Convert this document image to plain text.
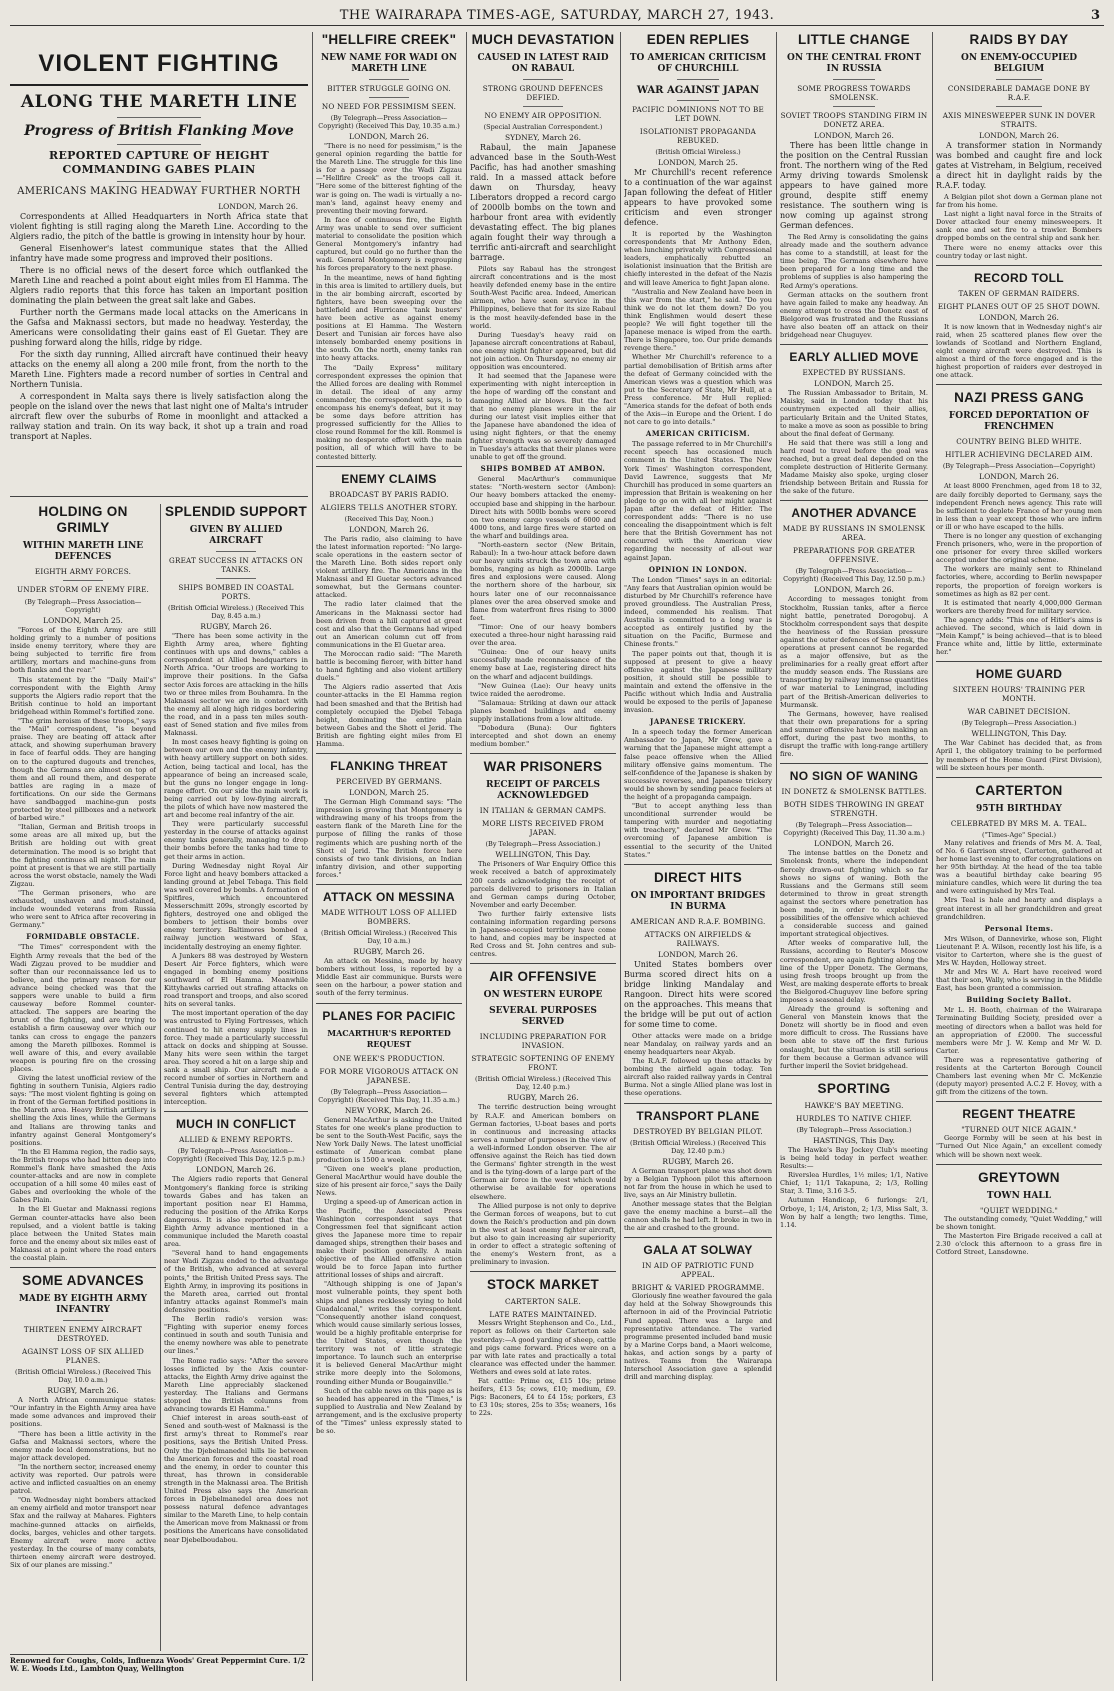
THE WAIRARAPA TIMES-AGE, SATURDAY, MARCH 27, 1943.	3
VIOLENT FIGHTING
ALONG THE MARETH LINE
Progress of British Flanking Move
REPORTED CAPTURE OF HEIGHT COMMANDING GABES PLAIN
AMERICANS MAKING HEADWAY FURTHER NORTH

LONDON, March 26.

Correspondents at Allied Headquarters in North Africa state that violent fighting is still raging along the Mareth Line. According to the Algiers radio, the pitch of the battle is growing in intensity hour by hour.

General Eisenhower's latest communique states that the Allied infantry have made some progress and improved their positions.

There is no official news of the desert force which outflanked the Mareth Line and reached a point about eight miles from El Hamma. The Algiers radio reports that this force has taken an important position dominating the plain between the great salt lake and Gabes.

Further north the Germans made local attacks on the Americans in the Gafsa and Maknassi sectors, but made no headway. Yesterday, the Americans were consolidating their gains east of El Guetar. They are pushing forward along the hills, ridge by ridge.

For the sixth day running, Allied aircraft have continued their heavy attacks on the enemy all along a 200 mile front, from the north to the Mareth Line. Fighters made a record number of sorties in Central and Northern Tunisia.

A correspondent in Malta says there is lively satisfaction along the people on the island over the news that last night one of Malta's intruder aircraft flew over the suburbs of Rome in moonlight and attacked a railway station and train. On its way back, it shot up a train and road transport at Naples.

HOLDING ON GRIMLY
WITHIN MARETH LINE DEFENCES
EIGHTH ARMY FORCES.
UNDER STORM OF ENEMY FIRE.

(By Telegraph—Press Association—Copyright)

LONDON, March 25.

"Forces of the Eighth Army are still holding grimly to a number of positions inside enemy territory, where they are being subjected to terrific fire from artillery, mortars and machine-guns from both flanks and the rear."

This statement by the "Daily Mail's" correspondent with the Eighth Army supports the Algiers radio report that the British continue to hold an important bridgehead within Rommel's fortified zone.

"The grim heroism of these troops," says the "Mail" correspondent, "is beyond praise. They are beating off attack after attack, and showing superhuman bravery in face of fearful odds. They are hanging on to the captured dugouts and trenches, though the Germans are almost on top of them and all round them, and desperate battles are raging in a maze of fortifications. On our side the Germans have sandbagged machine-gun posts protected by steel pillboxes and a network of barbed wire."

"Italian, German and British troops in some areas are all mixed up, but the British are holding out with great determination. The mood is so bright that the fighting continues all night. The main point at present is that we are still partially across the worst obstacle, namely the Wadi Zigzau.

"The German prisoners, who are exhausted, unshaven and mud-stained, include wounded veterans from Russia who were sent to Africa after recovering in Germany."

FORMIDABLE OBSTACLE.

"The Times" correspondent with the Eighth Army reveals that the bed of the Wadi Zigzau proved to be muddier and softer than our reconnaissance led us to believe, and the primary reason for our advance being checked was that the sappers were unable to build a firm causeway before Rommel counter-attacked. The sappers are bearing the brunt of the fighting, and are trying to establish a firm causeway over which our tanks can cross to engage the panzers among the Mareth pillboxes. Rommel is well aware of this, and every available weapon is pouring fire on the crossing places.

Giving the latest unofficial review of the fighting in southern Tunisia, Algiers radio says: "The most violent fighting is going on in front of the German fortified positions in the Mareth area. Heavy British artillery is shelling the Axis lines, while the Germans and Italians are throwing tanks and infantry against General Montgomery's positions.

"In the El Hamma region, the radio says, the British troops who had bitten deep into Rommel's flank have smashed the Axis counter-attacks and are now in complete occupation of a hill some 40 miles east of Gabes and overlooking the whole of the Gabes Plain.

In the El Guetar and Maknassi regions German counter-attacks have also been repulsed, and a violent battle is taking place between the United States main force and the enemy about six miles east of Maknassi at a point where the road enters the coastal plain.

SOME ADVANCES
MADE BY EIGHTH ARMY INFANTRY
THIRTEEN ENEMY AIRCRAFT DESTROYED.
AGAINST LOSS OF SIX ALLIED PLANES.

(British Official Wireless.) (Received This Day, 10.0 a.m.)

RUGBY, March 26.

A North African communique states: "Our infantry in the Eighth Army area have made some advances and improved their positions.

"There has been a little activity in the Gafsa and Maknassi sectors, where the enemy made local demonstrations, but no major attack developed.

"In the northern sector, increased enemy activity was reported. Our patrols were active and inflicted casualties on an enemy patrol.

"On Wednesday night bombers attacked an enemy airfield and motor transport near Sfax and the railway at Mahares. Fighters machine-gunned attacks on airfields, docks, barges, vehicles and other targets. Enemy aircraft were more active yesterday. In the course of many combats, thirteen enemy aircraft were destroyed. Six of our planes are missing."

Renowned for Coughs, Colds, Influenza Woods' Great Peppermint Cure. 1/2 W. E. Woods Ltd., Lambton Quay, Wellington
SPLENDID SUPPORT
GIVEN BY ALLIED AIRCRAFT
GREAT SUCCESS IN ATTACKS ON TANKS.
SHIPS BOMBED IN COASTAL PORTS.

(British Official Wireless.) (Received This Day, 8.45 a.m.)

RUGBY, March 26.

"There has been some activity in the Eighth Army area, where fighting continues with ups and downs," cables a correspondent at Allied headquarters in North Africa. "Our troops are working to improve their positions. In the Gafsa sector Axis forces are attacking in the hills two or three miles from Bouhamra. In the Maknassi sector we are in contact with the enemy all along high ridges bordering the road, and in a pass ten miles south-east of Sened station and five miles from Maknassi.

In most cases heavy fighting is going on between our own and the enemy infantry, with heavy artillery support on both sides. Action, being tactical and local, has the appearance of being an increased scale, but the guns no longer engage in long-range effort. On our side the main work is being carried out by low-flying aircraft, the pilots of which have now mastered the art and become real infantry of the air.

They were particularly successful yesterday in the course of attacks against enemy tanks generally, managing to drop their bombs before the tanks had time to get their arms in action.

During Wednesday night Royal Air Force light and heavy bombers attacked a landing ground at Jebel Tebaga. This field was well covered by bombs. A formation of Spitfires, which encountered Messerschmitt 209s, strongly escorted by fighters, destroyed one and obliged the bombers to jettison their bombs over enemy territory. Baltimores bombed a railway junction westward of Sfax, incidentally destroying an enemy fighter.

A Junkers 88 was destroyed by Western Desert Air Force fighters, which were engaged in bombing enemy positions southward of El Hamma. Meanwhile Kittyhawks carried out strafing attacks on road transport and troops, and also scored hits on several tanks.

The most important operation of the day was entrusted to Flying Fortresses, which continued to hit enemy supply lines in force. They made a particularly successful attack on docks and shipping at Sousse. Many hits were seen within the target area. They scored a hit on a large ship and sank a small ship. Our aircraft made a record number of sorties in Northern and Central Tunisia during the day, destroying several fighters which attempted interception.

MUCH IN CONFLICT
ALLIED & ENEMY REPORTS.

(By Telegraph—Press Association—Copyright) (Received This Day, 12.5 p.m.)

LONDON, March 26.

The Algiers radio reports that General Montgomery's flanking force is striking towards Gabes and has taken an important position near El Hamma, reducing the position of the Afrika Korps dangerous. It is also reported that the Eighth Army advance mentioned in a communique included the Mareth coastal area.

"Several hand to hand engagements near Wadi Zigzau ended to the advantage of the British, who advanced at several points," the British United Press says. The Eighth Army, in improving its positions in the Mareth area, carried out frontal infantry attacks against Rommel's main defensive positions.

The Berlin radio's version was: "Fighting with superior enemy forces continued in south and south Tunisia and the enemy nowhere was able to penetrate our lines."

The Rome radio says: "After the severe losses inflicted by the Axis counter-attacks, the Eighth Army drive against the Mareth Line appreciably slackened yesterday. The Italians and Germans stopped the British columns from advancing towards El Hamma."

Chief interest in areas south-east of Sened and south-west of Maknassi is the first army's threat to Rommel's rear positions, says the British United Press. Only the Djebelmanedel hills lie between the American forces and the coastal road and the enemy, in order to counter this threat, has thrown in considerable strength in the Maknassi area. The British United Press also says the American forces in Djebelmanedel area does not possess natural defence advantages similar to the Mareth Line, to help contain the American move from Maknassi or from positions the Americans have consolidated near Djebelboudabou.

"HELLFIRE CREEK"
NEW NAME FOR WADI ON MARETH LINE
BITTER STRUGGLE GOING ON.
NO NEED FOR PESSIMISM SEEN.

(By Telegraph—Press Association—Copyright) (Received This Day, 10.35 a.m.)

LONDON, March 26.

"There is no need for pessimism," is the general opinion regarding the battle for the Mareth Line. The struggle for this line is for a passage over the Wadi Zigzau—"Hellfire Creek" as the troops call it. "Here some of the bitterest fighting of the war is going on. The wadi is virtually a no-man's land, against heavy enemy and preventing their moving forward.

In face of continuous fire, the Eighth Army was unable to send over sufficient material to consolidate the position which General Montgomery's infantry had captured, but could go no further than the wadi. General Montgomery is regrouping his forces preparatory to the next phase.

In the meantime, news of hand fighting in this area is limited to artillery duels, but in the air bombing aircraft, escorted by fighters, have been sweeping over the battlefield and Hurricane 'tank busters' have been active as against enemy positions at El Hamma. The Western Desert and Tunisian air forces have also intensely bombarded enemy positions in the south. On the north, enemy tanks ran into heavy attacks.

The "Daily Express" military correspondent expresses the opinion that the Allied forces are dealing with Rommel in detail. The ideal of any army commander, the correspondent says, is to encompass his enemy's defeat, but it may be some days before attrition has progressed sufficiently for the Allies to close round Rommel for the kill. Rommel is making no desperate effort with the main position, all of which will have to be contested bitterly.

ENEMY CLAIMS
BROADCAST BY PARIS RADIO.
ALGIERS TELLS ANOTHER STORY.

(Received This Day, Noon.)

LONDON, March 26.

The Paris radio, also claiming to have the latest information reported: "No large-scale operations in the eastern sector of the Mareth Line. Both sides report only violent artillery fire. The Americans in the Maknassi and El Guetar sectors advanced somewhat, but the Germans counter-attacked.

The radio later claimed that the Americans in the Maknassi sector had been driven from a hill captured at great cost and also that the Germans had wiped out an American column cut off from communications in the El Guetar area.

The Moroccan radio said: "The Mareth battle is becoming fiercer, with bitter hand to hand fighting and also violent artillery duels."

The Algiers radio asserted that Axis counter-attacks in the El Hamma region had been smashed and that the British had completely occupied the Djebel Tebaga height, dominating the entire plain between Gabes and the Shott el Jerid. The British are fighting eight miles from El Hamma.

FLANKING THREAT
PERCEIVED BY GERMANS.

LONDON, March 25.

The German High Command says: "The impression is growing that Montgomery is withdrawing many of his troops from the eastern flank of the Mareth Line for the purpose of filling the ranks of those regiments which are pushing north of the Shott el Jerid. The British force here consists of two tank divisions, an Indian infantry division, and other supporting forces."

ATTACK ON MESSINA
MADE WITHOUT LOSS OF ALLIED BOMBERS.

(British Official Wireless.) (Received This Day, 10 a.m.)

RUGBY, March 26.

An attack on Messina, made by heavy bombers without loss, is reported by a Middle East air communique. Bursts were seen on the harbour, a power station and south of the ferry terminus.

PLANES FOR PACIFIC
MACARTHUR'S REPORTED REQUEST
ONE WEEK'S PRODUCTION.
FOR MORE VIGOROUS ATTACK ON JAPANESE.

(By Telegraph—Press Association—Copyright) (Received This Day, 11.35 a.m.)

NEW YORK, March 26.

General MacArthur is asking the United States for one week's plane production to be sent to the South-West Pacific, says the New York Daily News. The latest unofficial estimate of American combat plane production is 1500 a week.

"Given one week's plane production, General MacArthur would have double the size of his present air force," says the Daily News.

Urging a speed-up of American action in the Pacific, the Associated Press Washington correspondent says that Congressmen feel that significant action gives the Japanese more time to repair damaged ships, strengthen their bases and make their position generally. A main objective of the Allied offensive action would be to force Japan into further attritional losses of ships and aircraft.

"Although shipping is one of Japan's most vulnerable points, they spent both ships and planes recklessly trying to hold Guadalcanal," writes the correspondent. "Consequently another island conquest, which would cause similarly serious losses, would be a highly profitable enterprise for the United States, even though the territory was not of little strategic importance. To launch such an enterprise it is believed General MacArthur might strike more deeply into the Solomons, rounding either Munda or Bougainville."

Such of the cable news on this page as is so headed has appeared in the "Times," is supplied to Australia and New Zealand by arrangement, and is the exclusive property of the "Times" unless expressly stated to be so.

MUCH DEVASTATION
CAUSED IN LATEST RAID ON RABAUL
STRONG GROUND DEFENCES DEFIED.
NO ENEMY AIR OPPOSITION.

(Special Australian Correspondent.)

SYDNEY, March 26.

Rabaul, the main Japanese advanced base in the South-West Pacific, has had another smashing raid. In a massed attack before dawn on Thursday, heavy Liberators dropped a record cargo of 2000lb bombs on the town and harbour front area with evidently devastating effect. The big planes again fought their way through a terrific anti-aircraft and searchlight barrage.

Pilots say Rabaul has the strongest aircraft concentrations and is the most heavily defended enemy base in the entire South-West Pacific area. Indeed, American airmen, who have seen service in the Philippines, believe that for its size Rabaul is the most heavily-defended base in the world.

During Tuesday's heavy raid on Japanese aircraft concentrations at Rabaul, one enemy night fighter appeared, but did not join action. On Thursday, no enemy air opposition was encountered.

It had seemed that the Japanese were experimenting with night interception in the hope of warding off the constant and damaging Allied air blows. But the fact that no enemy planes were in the air during our latest visit implies either that the Japanese have abandoned the idea of using night fighters, or that the enemy fighter strength was so severely damaged in Tuesday's attacks that their planes were unable to get off the ground.

SHIPS BOMBED AT AMBON.

General MacArthur's communique states: "North-western sector (Ambon): Our heavy bombers attacked the enemy-occupied base and shipping in the harbour. Direct hits with 500lb bombs were scored on two enemy cargo vessels of 6000 and 4000 tons, and large fires were started on the wharf and buildings area.

"North-eastern sector (New Britain, Rabaul): In a two-hour attack before dawn our heavy units struck the town area with bombs, ranging as high as 2000lb. Large fires and explosions were caused. Along the northern shore of the harbour, six hours later one of our reconnaissance planes over the area observed smoke and flame from waterfront fires rising to 3000 feet.

"Timor: One of our heavy bombers executed a three-hour night harassing raid over the area.

"Guinea: One of our heavy units successfully made reconnaissance of the enemy base at Lae, registering direct hits on the wharf and adjacent buildings.

"New Guinea (Lae): Our heavy units twice raided the aerodrome.

"Salamaua: Striking at dawn our attack planes bombed buildings and enemy supply installations from a low altitude.

"Dobodura (Buna): Our fighters intercepted and shot down an enemy medium bomber."

WAR PRISONERS
RECEIPT OF PARCELS ACKNOWLEDGED
IN ITALIAN & GERMAN CAMPS.
MORE LISTS RECEIVED FROM JAPAN.

(By Telegraph—Press Association.)

WELLINGTON, This Day.

The Prisoners of War Enquiry Office this week received a batch of approximately 200 cards acknowledging the receipt of parcels delivered to prisoners in Italian and German camps during October, November and early December.

Two further fairly extensive lists containing information regarding persons in Japanese-occupied territory have come to hand, and copies may be inspected at Red Cross and St. John centres and sub-centres.

AIR OFFENSIVE
ON WESTERN EUROPE
SEVERAL PURPOSES SERVED
INCLUDING PREPARATION FOR INVASION.
STRATEGIC SOFTENING OF ENEMY FRONT.

(British Official Wireless.) (Received This Day, 12.40 p.m.)

RUGBY, March 26.

The terrific destruction being wrought by R.A.F. and American bombers on German factories, U-boat bases and ports in continuous and increasing attacks serves a number of purposes in the view of a well-informed London observer. The air offensive against the Reich has tied down the Germans' fighter strength in the west and is the tying-down of a large part of the German air force in the west which would otherwise be available for operations elsewhere.

The Allied purpose is not only to deprive the German forces of weapons, but to cut down the Reich's production and pin down in the west at least enemy fighter aircraft, but also to gain increasing air superiority in order to effect a strategic softening of the enemy's Western front, as a preliminary to invasion.

STOCK MARKET
CARTERTON SALE.
LATE RATES MAINTAINED.

Messrs Wright Stephenson and Co., Ltd., report as follows on their Carterton sale yesterday:—A good yarding of sheep, cattle and pigs came forward. Prices were on a par with late rates and practically a total clearance was effected under the hammer. Wethers and ewes sold at late rates.

Fat cattle: Prime ox, £15 10s; prime heifers, £13 5s; cows, £10; medium, £9. Pigs: Baconers, £4 to £4 15s; porkers, £3 to £3 10s; stores, 25s to 35s; weaners, 16s to 22s.

EDEN REPLIES
TO AMERICAN CRITICISM OF CHURCHILL
WAR AGAINST JAPAN
PACIFIC DOMINIONS NOT TO BE LET DOWN.
ISOLATIONIST PROPAGANDA REBUKED.

(British Official Wireless.)

LONDON, March 25.

Mr Churchill's recent reference to a continuation of the war against Japan following the defeat of Hitler appears to have provoked some criticism and even stronger defence.

It is reported by the Washington correspondents that Mr Anthony Eden, when lunching privately with Congressional leaders, emphatically rebutted an isolationist insinuation that the British are chiefly interested in the defeat of the Nazis and will leave America to fight Japan alone.

"Australia and New Zealand have been in this war from the start," he said. "Do you think we do not let them down? Do you think Englishmen would desert these people? We will fight together till the Japanese menace is wiped from the earth. There is Singapore, too. Our pride demands revenge there."

Whether Mr Churchill's reference to a partial demobilisation of British arms after the defeat of Germany coincided with the American views was a question which was put to the Secretary of State, Mr Hull, at a Press conference. Mr Hull replied: "America stands for the defeat of both ends of the Axis—in Europe and the Orient. I do not care to go into details."

AMERICAN CRITICISM.

The passage referred to in Mr Churchill's recent speech has occasioned much comment in the United States. The New York Times' Washington correspondent, David Lawrence, suggests that Mr Churchill has produced in some quarters an impression that Britain is weakening on her pledge to go on with all her might against Japan after the defeat of Hitler. The correspondent adds: "There is no use concealing the disappointment which is felt here that the British Government has not concurred with the American view regarding the necessity of all-out war against Japan.

OPINION IN LONDON.

The London "Times" says in an editorial: "Any fears that Australian opinion would be disturbed by Mr Churchill's reference have proved groundless. The Australian Press, indeed, commended his realism. That Australia is committed to a long war is accepted as entirely justified by the situation on the Pacific, Burmese and Chinese fronts."

The paper points out that, though it is supposed at present to give a heavy offensive against the Japanese military position, it should still be possible to maintain and extend the offensive in the Pacific without which India and Australia would be exposed to the perils of Japanese invasion.

JAPANESE TRICKERY.

In a speech today the former American Ambassador to Japan, Mr Grew, gave a warning that the Japanese might attempt a false peace offensive when the Allied military offensive gains momentum. The self-confidence of the Japanese is shaken by successive reverses, and Japanese trickery would be shown by sending peace feelers at the height of a propaganda campaign.

"But to accept anything less than unconditional surrender would be tampering with murder and negotiating with treachery," declared Mr Grew. "The overcoming of Japanese ambition is essential to the security of the United States."

DIRECT HITS
ON IMPORTANT BRIDGES IN BURMA
AMERICAN AND R.A.F. BOMBING.
ATTACKS ON AIRFIELDS & RAILWAYS.

LONDON, March 26.

United States bombers over Burma scored direct hits on a bridge linking Mandalay and Rangoon. Direct hits were scored on the approaches. This means that the bridge will be put out of action for some time to come.

Other attacks were made on a bridge near Mandalay, on railway yards and an enemy headquarters near Akyab.

The R.A.F. followed up these attacks by bombing the airfield again today. Ten aircraft also raided railway yards in Central Burma. Not a single Allied plane was lost in these operations.

TRANSPORT PLANE
DESTROYED BY BELGIAN PILOT.

(British Official Wireless.) (Received This Day, 12.40 p.m.)

RUGBY, March 26.

A German transport plane was shot down by a Belgian Typhoon pilot this afternoon not far from the house in which he used to live, says an Air Ministry bulletin.

Another message states that the Belgian gave the enemy machine a burst—all the cannon shells he had left. It broke in two in the air and crashed to the ground.

GALA AT SOLWAY
IN AID OF PATRIOTIC FUND APPEAL.
BRIGHT & VARIED PROGRAMME.

Gloriously fine weather favoured the gala day held at the Solway Showgrounds this afternoon in aid of the Provincial Patriotic Fund appeal. There was a large and representative attendance. The varied programme presented included band music by a Marine Corps band, a Maori welcome, hakas, and action songs by a party of natives. Teams from the Wairarapa Interschool Association gave a splendid drill and marching display.

LITTLE CHANGE
ON THE CENTRAL FRONT IN RUSSIA
SOME PROGRESS TOWARDS SMOLENSK.
SOVIET TROOPS STANDING FIRM IN DONETZ AREA.

LONDON, March 26.

There has been little change in the position on the Central Russian front. The northern wing of the Red Army driving towards Smolensk appears to have gained more ground, despite stiff enemy resistance. The southern wing is now coming up against strong German defences.

The Red Army is consolidating the gains already made and the southern advance has come to a standstill, at least for the time being. The Germans elsewhere have been prepared for a long time and the problems of supplies is also hampering the Red Army's operations.

German attacks on the southern front have again failed to make any headway. An enemy attempt to cross the Donetz east of Bielgorod was frustrated and the Russians have also beaten off an attack on their bridgehead near Chuguyev.

EARLY ALLIED MOVE
EXPECTED BY RUSSIANS.

LONDON, March 25.

The Russian Ambassador to Britain, M. Maisky, said in London today that his countrymen expected all their allies, particularly Britain and the United States, to make a move as soon as possible to bring about the final defeat of Germany.

He said that there was still a long and hard road to travel before the goal was reached, but a great deal depended on the complete destruction of Hitlerite Germany. Madame Maisky also spoke, urging closer friendship between Britain and Russia for the sake of the future.

ANOTHER ADVANCE
MADE BY RUSSIANS IN SMOLENSK AREA.
PREPARATIONS FOR GREATER OFFENSIVE.

(By Telegraph—Press Association—Copyright) (Received This Day, 12.50 p.m.)

LONDON, March 26.

According to messages tonight from Stockholm, Russian tanks, after a fierce night battle, penetrated Dorogobuj. A Stockholm correspondent says that despite the heaviness of the Russian pressure against the outer defences of Smolensk, the operations at present cannot be regarded as a major offensive, but as the preliminaries for a really great effort after the muddy season ends. The Russians are transporting by railway immense quantities of war material to Leningrad, including part of the British-American deliveries to Murmansk.

The Germans, however, have realised that their own preparations for a spring and summer offensive have been making an effort, during the past two months, to disrupt the traffic with long-range artillery fire.

NO SIGN OF WANING
IN DONETZ & SMOLENSK BATTLES.
BOTH SIDES THROWING IN GREAT STRENGTH.

(By Telegraph—Press Association—Copyright) (Received This Day, 11.30 a.m.)

LONDON, March 26.

The intense battles on the Donetz and Smolensk fronts, where the independent fiercely drawn-out fighting which so far shows no signs of waning. Both the Russians and the Germans still seem determined to throw in great strength against the sectors where penetration has been made, in order to exploit the possibilities of the offensive which achieved a considerable success and gained important strategical objectives.

After weeks of comparative lull, the Russians, according to Reuter's Moscow correspondent, are again fighting along the line of the Upper Donetz. The Germans, using fresh troops brought up from the West, are making desperate efforts to break the Bielgorod-Chuguyev line before spring imposes a seasonal delay.

Already the ground is softening and General von Manstein knows that the Donetz will shortly be in flood and even more difficult to cross. The Russians have been able to stave off the first furious onslaught, but the situation is still serious for them because a German advance will further imperil the Soviet bridgehead.

SPORTING
HAWKE'S BAY MEETING.
HURDLES TO NATIVE CHIEF.

(By Telegraph—Press Association.)

HASTINGS, This Day.

The Hawke's Bay Jockey Club's meeting is being held today in perfect weather. Results:—

Riverslea Hurdles, 1½ miles; 1/1, Native Chief, 1; 11/1 Takapuna, 2; 1/3, Rolling Star, 3. Time, 3.16 3-5.

Autumn Handicap, 6 furlongs: 2/1, Orboye, 1; 1/4, Ariston, 2; 1/3, Miss Salt, 3. Won by half a length; two lengths. Time, 1.14.

RAIDS BY DAY
ON ENEMY-OCCUPIED BELGIUM
CONSIDERABLE DAMAGE DONE BY R.A.F.
AXIS MINESWEEPER SUNK IN DOVER STRAITS.

LONDON, March 26.

A transformer station in Normandy was bombed and caught fire and lock gates at Vistreham, in Belgium, received a direct hit in daylight raids by the R.A.F. today.

A Belgian pilot shot down a German plane not far from his home.

Last night a light naval force in the Straits of Dover attacked four enemy minesweepers. It sank one and set fire to a trawler. Bombers dropped bombs on the central ship and sank her.

There were no enemy attacks over this country today or last night.

RECORD TOLL
TAKEN OF GERMAN RAIDERS.
EIGHT PLANES OUT OF 25 SHOT DOWN.

LONDON, March 26.

It is now known that in Wednesday night's air raid, when 25 scattered planes flew over the lowlands of Scotland and Northern England, eight enemy aircraft were destroyed. This is almost a third of the force engaged and is the highest proportion of raiders ever destroyed in one attack.

NAZI PRESS GANG
FORCED DEPORTATION OF FRENCHMEN
COUNTRY BEING BLED WHITE.
HITLER ACHIEVING DECLARED AIM.

(By Telegraph—Press Association—Copyright)

LONDON, March 26.

At least 8000 Frenchmen, aged from 18 to 32, are daily forcibly deported to Germany, says the independent French news agency. This rate will be sufficient to deplete France of her young men in less than a year except those who are infirm or ill or who have escaped to the hills.

There is no longer any question of exchanging French prisoners, who, were in the proportion of one prisoner for every three skilled workers accepted under the original scheme.

The workers are mainly sent to Rhineland factories, where, according to Berlin newspaper reports, the proportion of foreign workers is sometimes as high as 82 per cent.

It is estimated that nearly 4,000,000 German workers are thereby freed for military service.

The agency adds: "This one of Hitler's aims is achieved. The second, which is laid down in "Mein Kampf," is being achieved—that is to bleed France white and, little by little, exterminate her."

HOME GUARD
SIXTEEN HOURS' TRAINING PER MONTH.
WAR CABINET DECISION.

(By Telegraph—Press Association.)

WELLINGTON, This Day.

The War Cabinet has decided that, as from April 1, the obligatory training to be performed by members of the Home Guard (First Division), will be sixteen hours per month.

CARTERTON
95TH BIRTHDAY
CELEBRATED BY MRS M. A. TEAL.

("Times-Age" Special.)

Many relatives and friends of Mrs M. A. Teal, of No. 6 Garrison street, Carterton, gathered at her home last evening to offer congratulations on her 95th birthday. At the head of the tea table was a beautiful birthday cake bearing 95 miniature candles, which were lit during the tea and were extinguished by Mrs Teal.

Mrs Teal is hale and hearty and displays a great interest in all her grandchildren and great grandchildren.

Personal Items.

Mrs Wilson, of Dannevirke, whose son, Flight Lieutenant P. A. Wilson, recently lost his life, is a visitor to Carterton, where she is the guest of Mrs W. Hayden, Holloway street.

Mr and Mrs W. A. Hart have received word that their son, Wally, who is serving in the Middle East, has been granted a commission.

Building Society Ballot.

Mr L. H. Booth, chairman of the Wairarapa Terminating Building Society, presided over a meeting of directors when a ballot was held for an appropriation of £2000. The successful members were Mr J. W. Kemp and Mr W. D. Carter.

There was a representative gathering of residents at the Carterton Borough Council Chambers last evening when Mr C. McKenzie (deputy mayor) presented A.C.2 F. Hovey, with a gift from the citizens of the town.

REGENT THEATRE
"TURNED OUT NICE AGAIN."

George Formby will be seen at his best in "Turned Out Nice Again," an excellent comedy which will be shown next week.

GREYTOWN
TOWN HALL
"QUIET WEDDING."

The outstanding comedy, "Quiet Wedding," will be shown tonight.

The Masterton Fire Brigade received a call at 2.30 o'clock this afternoon to a grass fire in Cotford Street, Lansdowne.
